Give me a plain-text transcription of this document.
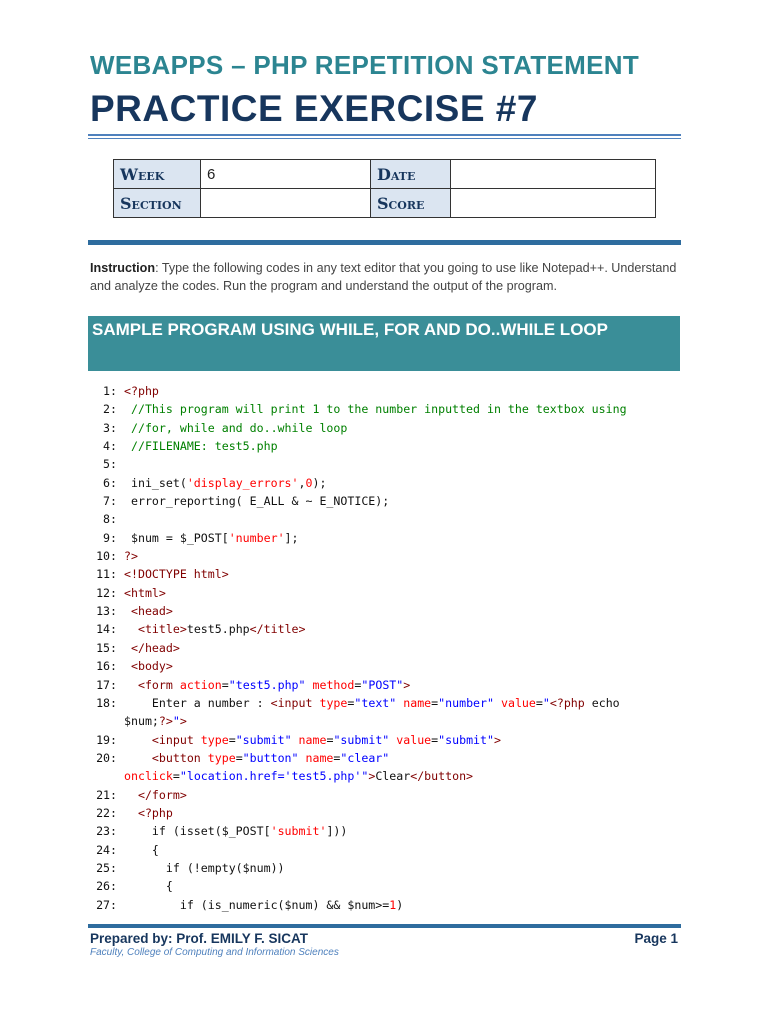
WEBAPPS – PHP REPETITION STATEMENT
PRACTICE EXERCISE #7
Week	6	Date	
Section		Score	
Instruction: Type the following codes in any text editor that you going to use like Notepad++. Understand and analyze the codes. Run the program and understand the output of the program.
SAMPLE PROGRAM USING WHILE, FOR AND DO..WHILE LOOP
1: <?php
2: //This program will print 1 to the number inputted in the textbox using
3: //for, while and do..while loop
4: //FILENAME: test5.php
5:
6: ini_set('display_errors',0);
7: error_reporting( E_ALL & ~ E_NOTICE);
8:
9: $num = $_POST['number'];
10: ?>
11: <!DOCTYPE html>
12: <html>
13: <head>
14:	<title>test5.php</title>
15: </head>
16: <body>
17:	<form action="test5.php" method="POST">
18: Enter a number : <input type="text" name="number" value="<?php echo
$num;?>">
19:	<input type="submit" name="submit" value="submit">
20:	<button type="button" name="clear"
onclick="location.href='test5.php'">Clear</button>
21:	</form>
22:	<?php
23: if (isset($_POST['submit']))
24: {
25: if (!empty($num))
26: {
27: if (is_numeric($num) && $num>=1)
Prepared by: Prof. EMILY F. SICAT
Faculty, College of Computing and Information Sciences
Page 1
